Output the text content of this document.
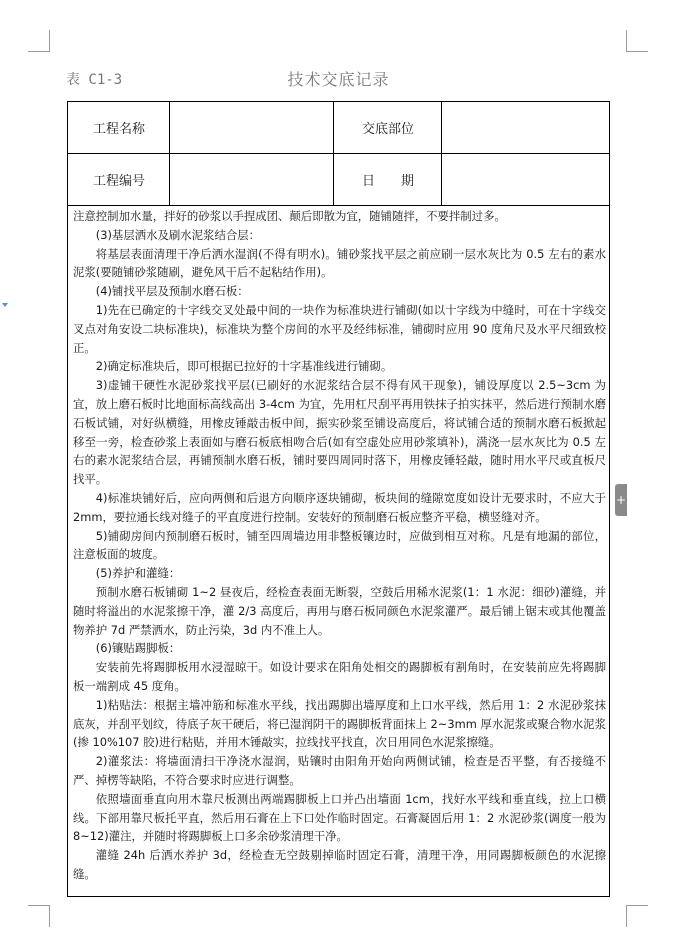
表 C1-3	技术交底记录
工程名称	交底部位
工程编号	日　　期

注意控制加水量，拌好的砂浆以手捏成团、颠后即散为宜，随铺随拌，不要拌制过多。

(3)基层洒水及刷水泥浆结合层：

将基层表面清理干净后洒水湿润(不得有明水)。铺砂浆找平层之前应刷一层水灰比为 0.5 左右的素水泥浆(要随铺砂浆随刷，避免风干后不起粘结作用)。

(4)铺找平层及预制水磨石板：

1)先在已确定的十字线交叉处最中间的一块作为标准块进行铺砌(如以十字线为中缝时，可在十字线交叉点对角安设二块标准块)，标准块为整个房间的水平及经纬标准，铺砌时应用 90 度角尺及水平尺细致校正。

2)确定标准块后，即可根据已拉好的十字基准线进行铺砌。

3)虚铺干硬性水泥砂浆找平层(已刷好的水泥浆结合层不得有风干现象)，铺设厚度以 2.5~3cm 为宜，放上磨石板时比地面标高线高出 3-4cm 为宜，先用杠尺刮平再用铁抹子拍实抹平，然后进行预制水磨石板试铺，对好纵横缝，用橡皮锤敲击板中间，振实砂浆至铺设高度后，将试铺合适的预制水磨石板掀起移至一旁，检查砂浆上表面如与磨石板底相吻合后(如有空虚处应用砂浆填补)，满浇一层水灰比为 0.5 左右的素水泥浆结合层，再铺预制水磨石板，铺时要四周同时落下，用橡皮锤轻敲，随时用水平尺或直板尺找平。

4)标准块铺好后，应向两侧和后退方向顺序逐块铺砌，板块间的缝隙宽度如设计无要求时，不应大于 2mm，要拉通长线对缝子的平直度进行控制。安装好的预制磨石板应整齐平稳，横竖缝对齐。

5)铺砌房间内预制磨石板时，铺至四周墙边用非整板镶边时，应做到相互对称。凡是有地漏的部位，注意板面的坡度。

(5)养护和灌缝：

预制水磨石板铺砌 1~2 昼夜后，经检查表面无断裂，空鼓后用稀水泥浆(1：1 水泥：细砂)灌缝，并随时将溢出的水泥浆擦干净，灌 2/3 高度后，再用与磨石板同颜色水泥浆灌严。最后铺上锯末或其他覆盖物养护 7d 严禁洒水，防止污染，3d 内不准上人。

(6)镶贴踢脚板：

安装前先将踢脚板用水浸湿晾干。如设计要求在阳角处相交的踢脚板有割角时，在安装前应先将踢脚板一端割成 45 度角。

1)粘贴法：根据主墙冲筋和标准水平线，找出踢脚出墙厚度和上口水平线，然后用 1：2 水泥砂浆抹底灰，并刮平划纹，待底子灰干硬后，将已湿润阴干的踢脚板背面抹上 2~3mm 厚水泥浆或聚合物水泥浆(掺 10%107 胶)进行粘贴，并用木锤敲实，拉线找平找直，次日用同色水泥浆擦缝。

2)灌浆法：将墙面清扫干净浇水湿润，贴镶时由阳角开始向两侧试铺，检查是否平整，有否接缝不严、掉楞等缺陷，不符合要求时应进行调整。

依照墙面垂直向用木靠尺板测出两端踢脚板上口并凸出墙面 1cm，找好水平线和垂直线，拉上口横线。下部用靠尺板托平直，然后用石膏在上下口处作临时固定。石膏凝固后用 1：2 水泥砂浆(调度一般为 8~12)灌注，并随时将踢脚板上口多余砂浆清理干净。

灌缝 24h 后洒水养护 3d，经检查无空鼓剔掉临时固定石膏，清理干净，用同踢脚板颜色的水泥擦缝。

+
